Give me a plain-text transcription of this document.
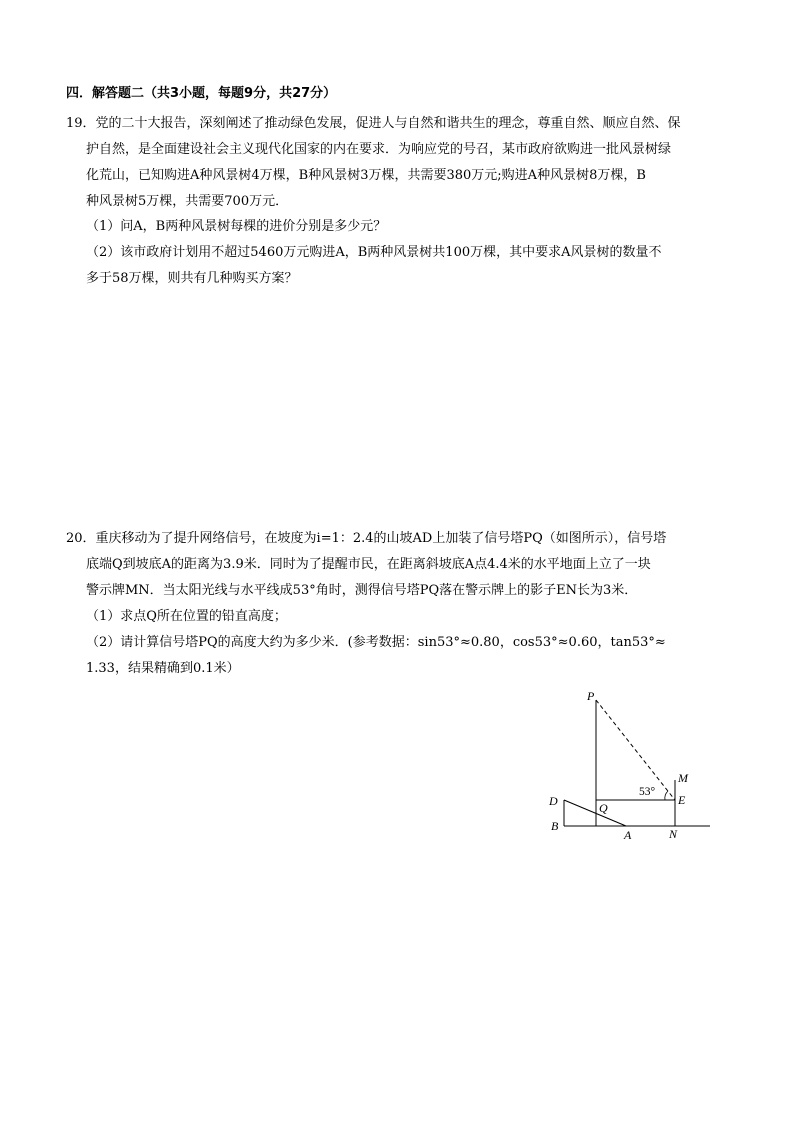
四．解答题二（共3小题，每题9分，共27分）
19．党的二十大报告，深刻阐述了推动绿色发展，促进人与自然和谐共生的理念，尊重自然、顺应自然、保
护自然，是全面建设社会主义现代化国家的内在要求．为响应党的号召，某市政府欲购进一批风景树绿
化荒山，已知购进A种风景树4万棵，B种风景树3万棵，共需要380万元;购进A种风景树8万棵，B
种风景树5万棵，共需要700万元．
（1）问A，B两种风景树每棵的进价分别是多少元？
（2）该市政府计划用不超过5460万元购进A，B两种风景树共100万棵，其中要求A风景树的数量不
多于58万棵，则共有几种购买方案？
20．重庆移动为了提升网络信号，在坡度为i=1：2.4的山坡AD上加装了信号塔PQ（如图所示），信号塔
底端Q到坡底A的距离为3.9米．同时为了提醒市民，在距离斜坡底A点4.4米的水平地面上立了一块
警示牌MN．当太阳光线与水平线成53°角时，测得信号塔PQ落在警示牌上的影子EN长为3米．
（1）求点Q所在位置的铅直高度；
（2）请计算信号塔PQ的高度大约为多少米．(参考数据：sin53°≈0.80，cos53°≈0.60，tan53°≈
1.33，结果精确到0.1米）
P
M
D	Q
E
B
A	N
53°
